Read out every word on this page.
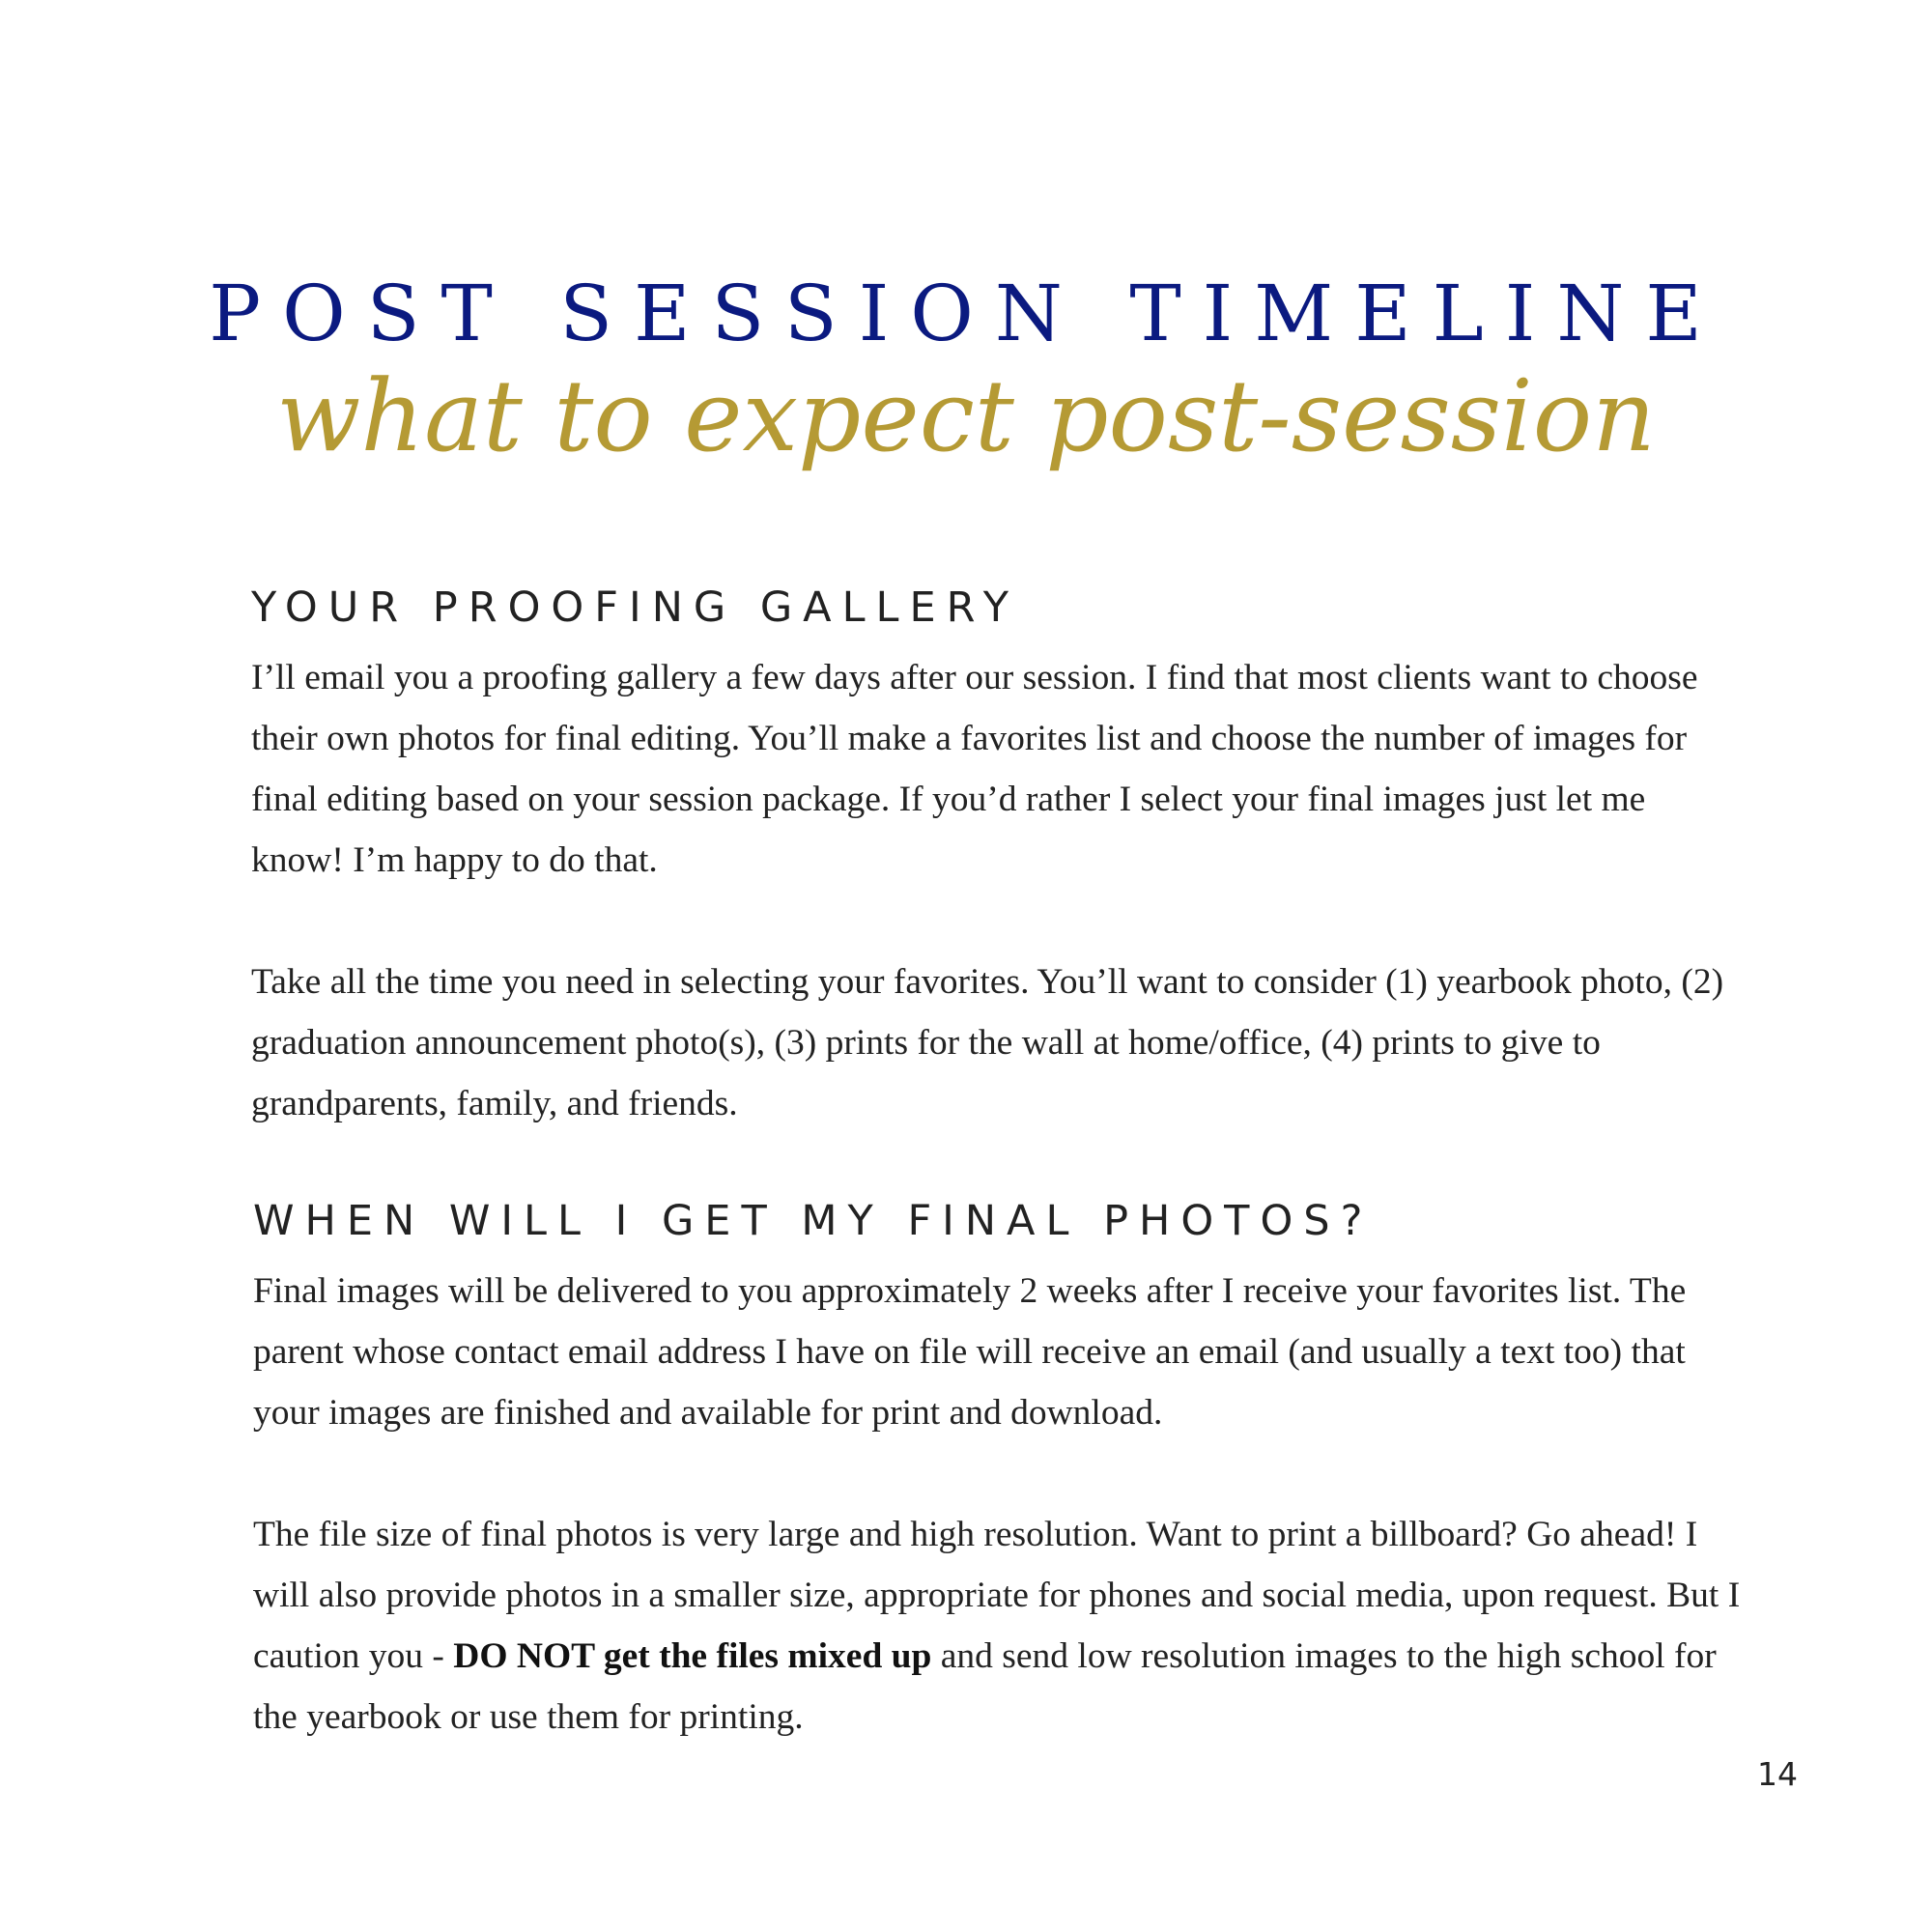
POST SESSION TIMELINE
what to expect post-session
YOUR PROOFING GALLERY

I’ll email you a proofing gallery a few days after our session. I find that most clients want to choose their own photos for final editing. You’ll make a favorites list and choose the number of images for final editing based on your session package. If you’d rather I select your final images just let me know! I’m happy to do that.

Take all the time you need in selecting your favorites. You’ll want to consider (1) yearbook photo, (2) graduation announcement photo(s), (3) prints for the wall at home/office, (4) prints to give to grandparents, family, and friends.

WHEN WILL I GET MY FINAL PHOTOS?

Final images will be delivered to you approximately 2 weeks after I receive your favorites list. The parent whose contact email address I have on file will receive an email (and usually a text too) that your images are finished and available for print and download.

The file size of final photos is very large and high resolution. Want to print a billboard? Go ahead! I will also provide photos in a smaller size, appropriate for phones and social media, upon request. But I caution you - DO NOT get the files mixed up and send low resolution images to the high school for the yearbook or use them for printing.

14
